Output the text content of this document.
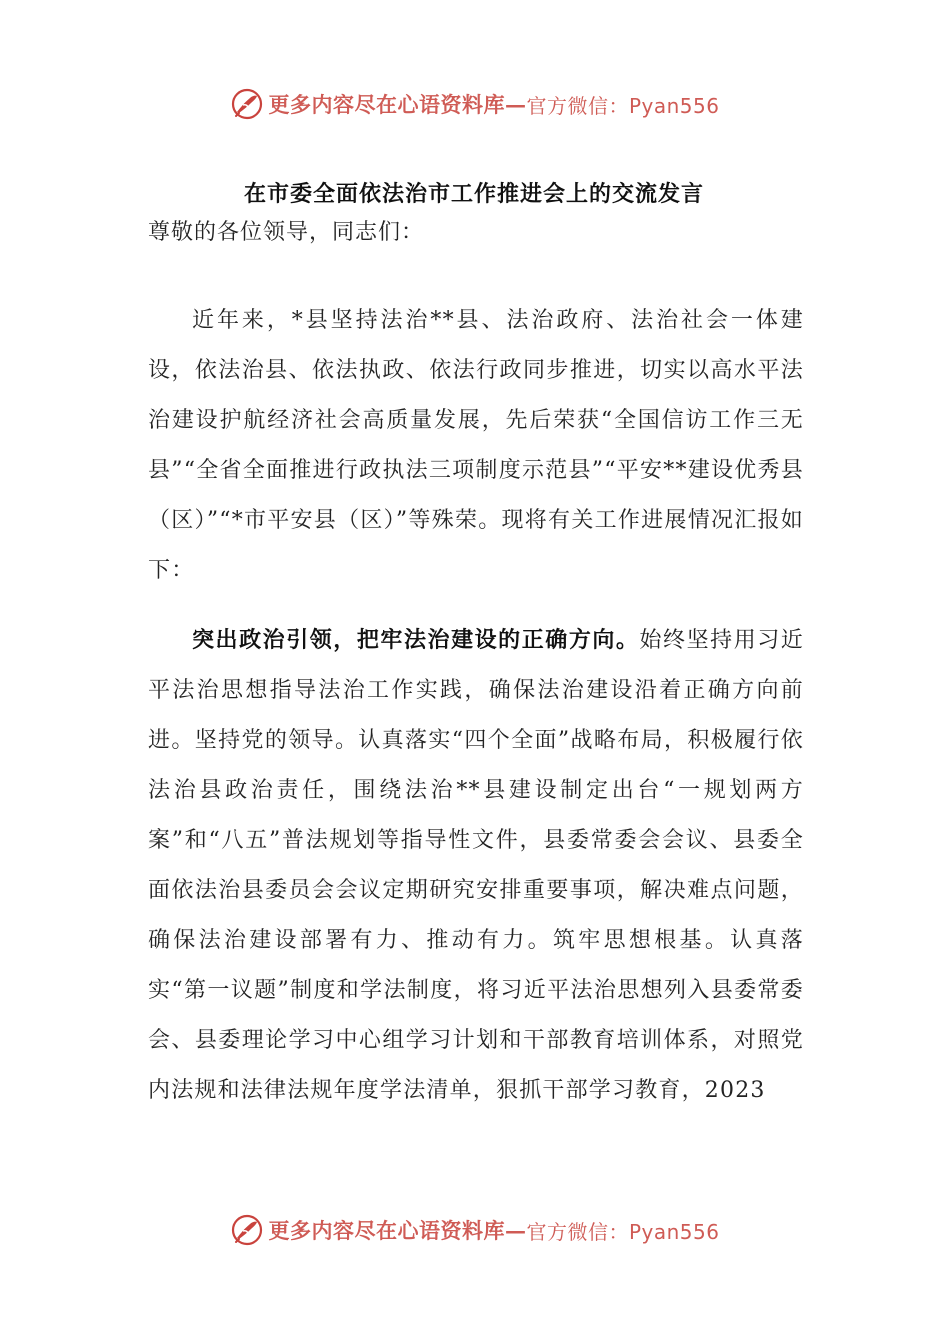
更多内容尽在心语资料库 — 官方微信：Pyan556
在市委全面依法治市工作推进会上的交流发言

尊敬的各位领导，同志们：

近年来，*县坚持法治**县、法治政府、法治社会一体建设，依法治县、依法执政、依法行政同步推进，切实以高水平法治建设护航经济社会高质量发展，先后荣获“全国信访工作三无县”“全省全面推进行政执法三项制度示范县”“平安**建设优秀县（区）”“*市平安县（区）”等殊荣。现将有关工作进展情况汇报如下：

突出政治引领，把牢法治建设的正确方向。始终坚持用习近平法治思想指导法治工作实践，确保法治建设沿着正确方向前进。坚持党的领导。认真落实“四个全面”战略布局，积极履行依法治县政治责任，围绕法治**县建设制定出台“一规划两方案”和“八五”普法规划等指导性文件，县委常委会会议、县委全面依法治县委员会会议定期研究安排重要事项，解决难点问题，确保法治建设部署有力、推动有力。筑牢思想根基。认真落实“第一议题”制度和学法制度，将习近平法治思想列入县委常委会、县委理论学习中心组学习计划和干部教育培训体系，对照党内法规和法律法规年度学法清单，狠抓干部学习教育，2023

更多内容尽在心语资料库 — 官方微信：Pyan556
